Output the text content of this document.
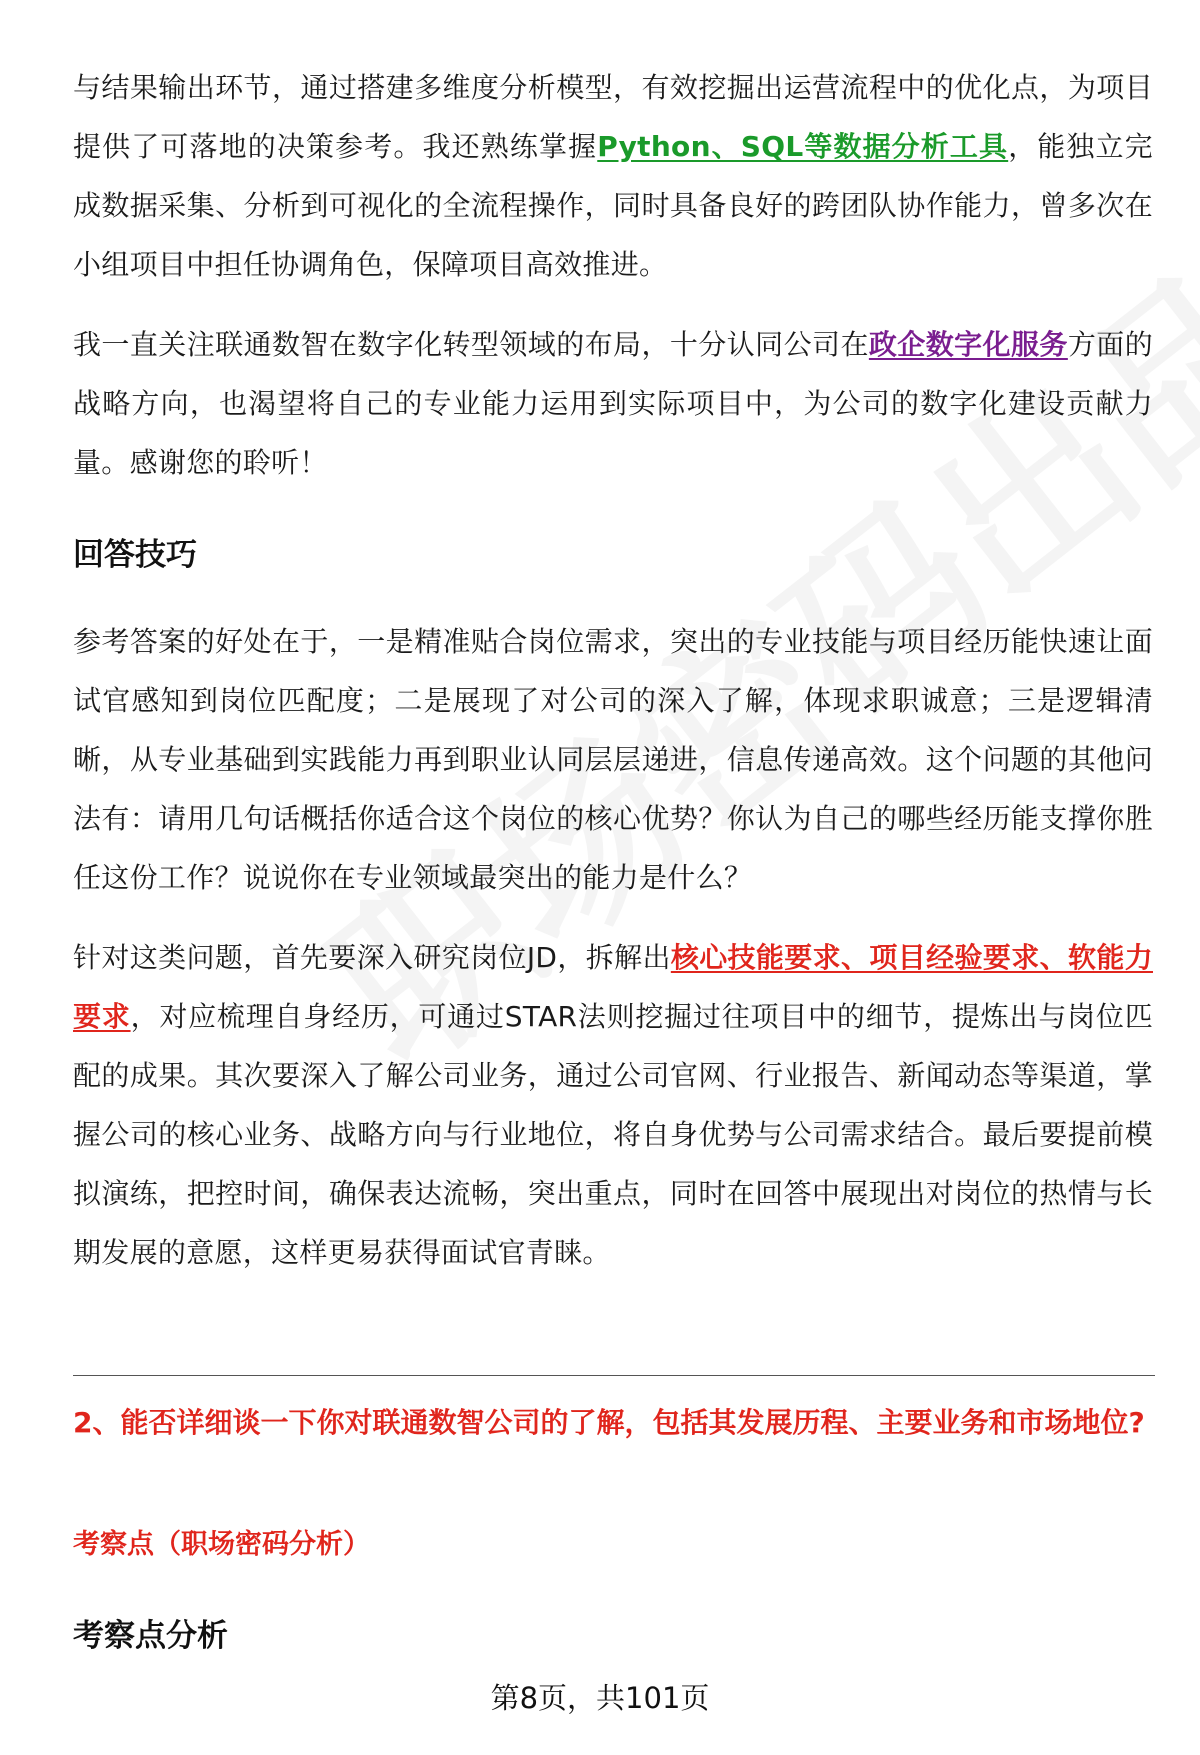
与结果输出环节，通过搭建多维度分析模型，有效挖掘出运营流程中的优化点，为项目提供了可落地的决策参考。我还熟练掌握Python、SQL等数据分析工具，能独立完成数据采集、分析到可视化的全流程操作，同时具备良好的跨团队协作能力，曾多次在小组项目中担任协调角色，保障项目高效推进。

我一直关注联通数智在数字化转型领域的布局，十分认同公司在政企数字化服务方面的战略方向，也渴望将自己的专业能力运用到实际项目中，为公司的数字化建设贡献力量。感谢您的聆听！

回答技巧

参考答案的好处在于，一是精准贴合岗位需求，突出的专业技能与项目经历能快速让面试官感知到岗位匹配度；二是展现了对公司的深入了解，体现求职诚意；三是逻辑清晰，从专业基础到实践能力再到职业认同层层递进，信息传递高效。这个问题的其他问法有：请用几句话概括你适合这个岗位的核心优势？你认为自己的哪些经历能支撑你胜任这份工作？说说你在专业领域最突出的能力是什么？

针对这类问题，首先要深入研究岗位JD，拆解出核心技能要求、项目经验要求、软能力要求，对应梳理自身经历，可通过STAR法则挖掘过往项目中的细节，提炼出与岗位匹配的成果。其次要深入了解公司业务，通过公司官网、行业报告、新闻动态等渠道，掌握公司的核心业务、战略方向与行业地位，将自身优势与公司需求结合。最后要提前模拟演练，把控时间，确保表达流畅，突出重点，同时在回答中展现出对岗位的热情与长期发展的意愿，这样更易获得面试官青睐。

2、能否详细谈一下你对联通数智公司的了解，包括其发展历程、主要业务和市场地位?

考察点（职场密码分析）

考察点分析
第8页，共101页
